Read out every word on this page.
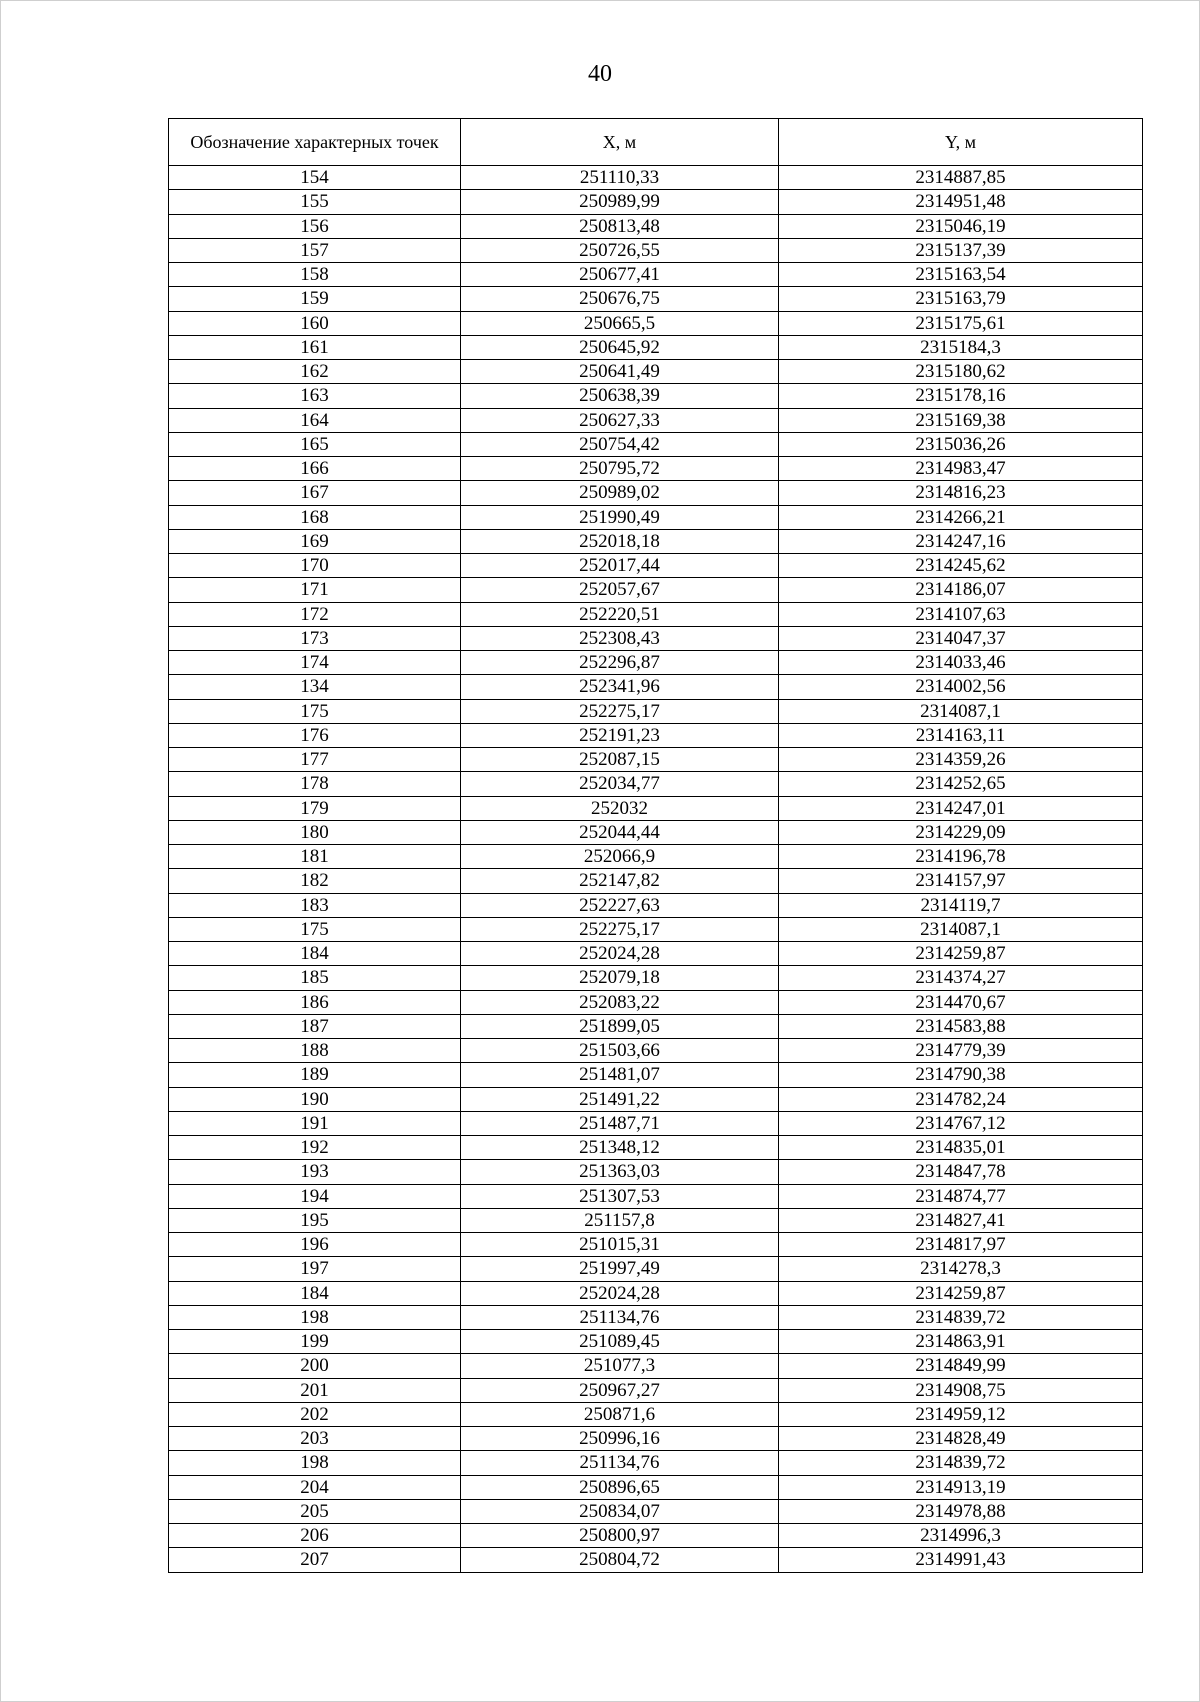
40
Обозначение характерных точек	X, м	Y, м
154	251110,33	2314887,85
155	250989,99	2314951,48
156	250813,48	2315046,19
157	250726,55	2315137,39
158	250677,41	2315163,54
159	250676,75	2315163,79
160	250665,5	2315175,61
161	250645,92	2315184,3
162	250641,49	2315180,62
163	250638,39	2315178,16
164	250627,33	2315169,38
165	250754,42	2315036,26
166	250795,72	2314983,47
167	250989,02	2314816,23
168	251990,49	2314266,21
169	252018,18	2314247,16
170	252017,44	2314245,62
171	252057,67	2314186,07
172	252220,51	2314107,63
173	252308,43	2314047,37
174	252296,87	2314033,46
134	252341,96	2314002,56
175	252275,17	2314087,1
176	252191,23	2314163,11
177	252087,15	2314359,26
178	252034,77	2314252,65
179	252032	2314247,01
180	252044,44	2314229,09
181	252066,9	2314196,78
182	252147,82	2314157,97
183	252227,63	2314119,7
175	252275,17	2314087,1
184	252024,28	2314259,87
185	252079,18	2314374,27
186	252083,22	2314470,67
187	251899,05	2314583,88
188	251503,66	2314779,39
189	251481,07	2314790,38
190	251491,22	2314782,24
191	251487,71	2314767,12
192	251348,12	2314835,01
193	251363,03	2314847,78
194	251307,53	2314874,77
195	251157,8	2314827,41
196	251015,31	2314817,97
197	251997,49	2314278,3
184	252024,28	2314259,87
198	251134,76	2314839,72
199	251089,45	2314863,91
200	251077,3	2314849,99
201	250967,27	2314908,75
202	250871,6	2314959,12
203	250996,16	2314828,49
198	251134,76	2314839,72
204	250896,65	2314913,19
205	250834,07	2314978,88
206	250800,97	2314996,3
207	250804,72	2314991,43
